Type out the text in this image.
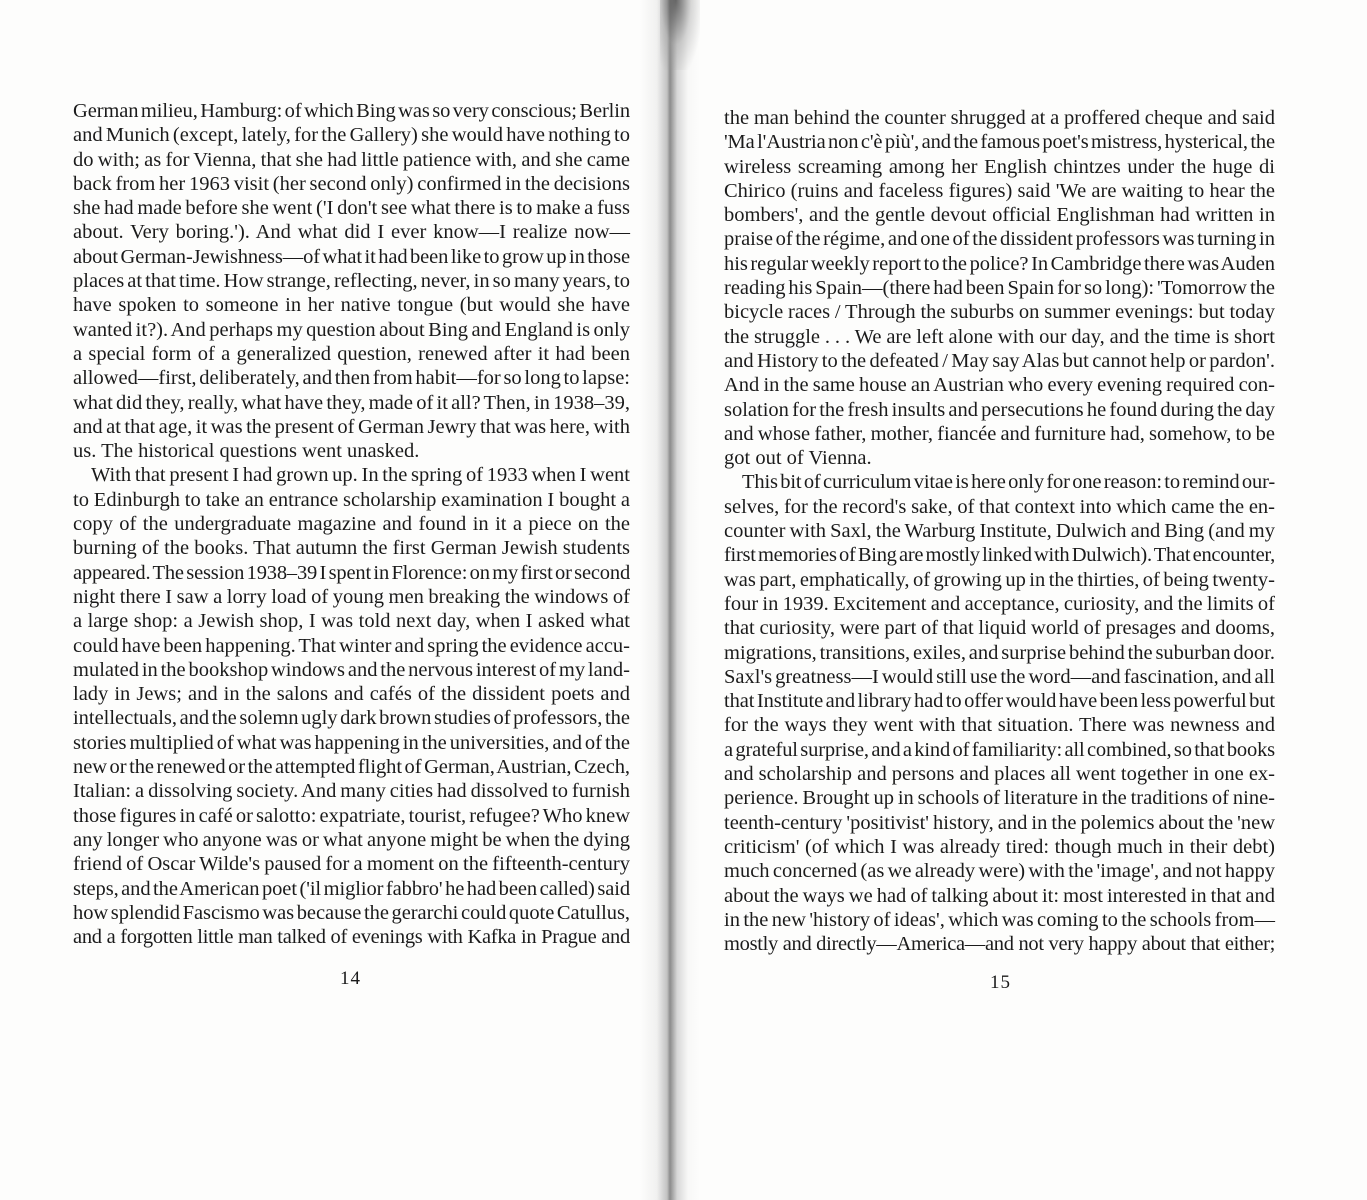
German milieu, Hamburg: of which Bing was so very conscious; Berlin
and Munich (except, lately, for the Gallery) she would have nothing to
do with; as for Vienna, that she had little patience with, and she came
back from her 1963 visit (her second only) confirmed in the decisions
she had made before she went ('I don't see what there is to make a fuss
about. Very boring.'). And what did I ever know—I realize now—
about German-Jewishness—of what it had been like to grow up in those
places at that time. How strange, reflecting, never, in so many years, to
have spoken to someone in her native tongue (but would she have
wanted it?). And perhaps my question about Bing and England is only
a special form of a generalized question, renewed after it had been
allowed—first, deliberately, and then from habit—for so long to lapse:
what did they, really, what have they, made of it all? Then, in 1938–39,
and at that age, it was the present of German Jewry that was here, with
us. The historical questions went unasked.
With that present I had grown up. In the spring of 1933 when I went
to Edinburgh to take an entrance scholarship examination I bought a
copy of the undergraduate magazine and found in it a piece on the
burning of the books. That autumn the first German Jewish students
appeared. The session 1938–39 I spent in Florence: on my first or second
night there I saw a lorry load of young men breaking the windows of
a large shop: a Jewish shop, I was told next day, when I asked what
could have been happening. That winter and spring the evidence accu-
mulated in the bookshop windows and the nervous interest of my land-
lady in Jews; and in the salons and cafés of the dissident poets and
intellectuals, and the solemn ugly dark brown studies of professors, the
stories multiplied of what was happening in the universities, and of the
new or the renewed or the attempted flight of German, Austrian, Czech,
Italian: a dissolving society. And many cities had dissolved to furnish
those figures in café or salotto: expatriate, tourist, refugee? Who knew
any longer who anyone was or what anyone might be when the dying
friend of Oscar Wilde's paused for a moment on the fifteenth-century
steps, and the American poet ('il miglior fabbro' he had been called) said
how splendid Fascismo was because the gerarchi could quote Catullus,
and a forgotten little man talked of evenings with Kafka in Prague and
14
the man behind the counter shrugged at a proffered cheque and said
'Ma l'Austria non c'è più', and the famous poet's mistress, hysterical, the
wireless screaming among her English chintzes under the huge di
Chirico (ruins and faceless figures) said 'We are waiting to hear the
bombers', and the gentle devout official Englishman had written in
praise of the régime, and one of the dissident professors was turning in
his regular weekly report to the police? In Cambridge there was Auden
reading his Spain—(there had been Spain for so long): 'Tomorrow the
bicycle races / Through the suburbs on summer evenings: but today
the struggle . . . We are left alone with our day, and the time is short
and History to the defeated / May say Alas but cannot help or pardon'.
And in the same house an Austrian who every evening required con-
solation for the fresh insults and persecutions he found during the day
and whose father, mother, fiancée and furniture had, somehow, to be
got out of Vienna.
This bit of curriculum vitae is here only for one reason: to remind our-
selves, for the record's sake, of that context into which came the en-
counter with Saxl, the Warburg Institute, Dulwich and Bing (and my
first memories of Bing are mostly linked with Dulwich). That encounter,
was part, emphatically, of growing up in the thirties, of being twenty-
four in 1939. Excitement and acceptance, curiosity, and the limits of
that curiosity, were part of that liquid world of presages and dooms,
migrations, transitions, exiles, and surprise behind the suburban door.
Saxl's greatness—I would still use the word—and fascination, and all
that Institute and library had to offer would have been less powerful but
for the ways they went with that situation. There was newness and
a grateful surprise, and a kind of familiarity: all combined, so that books
and scholarship and persons and places all went together in one ex-
perience. Brought up in schools of literature in the traditions of nine-
teenth-century 'positivist' history, and in the polemics about the 'new
criticism' (of which I was already tired: though much in their debt)
much concerned (as we already were) with the 'image', and not happy
about the ways we had of talking about it: most interested in that and
in the new 'history of ideas', which was coming to the schools from—
mostly and directly—America—and not very happy about that either;
15
